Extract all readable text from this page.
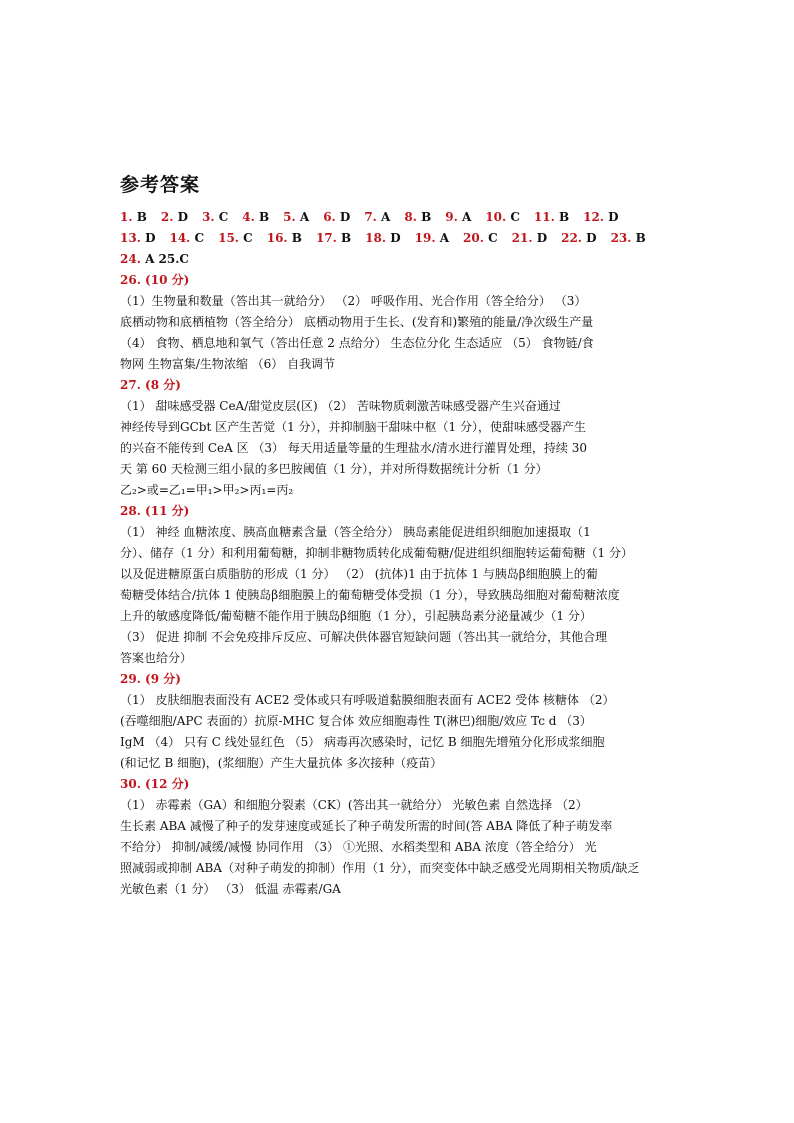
参考答案
1. B 2. D 3. C 4. B 5. A 6. D 7. A 8. B 9. A 10. C 11. B 12. D
13. D 14. C 15. C 16. B 17. B 18. D 19. A 20. C 21. D 22. D 23. B
24. A 25.C
26. (10 分)
（1）生物量和数量（答出其一就给分） （2） 呼吸作用、光合作用（答全给分） （3）
底栖动物和底栖植物（答全给分） 底栖动物用于生长、(发育和)繁殖的能量/净次级生产量
（4） 食物、栖息地和氧气（答出任意 2 点给分） 生态位分化 生态适应 （5） 食物链/食
物网 生物富集/生物浓缩 （6） 自我调节
27. (8 分)
（1） 甜味感受器 CeA/甜觉皮层(区) （2） 苦味物质刺激苦味感受器产生兴奋通过
神经传导到GCbt 区产生苦觉（1 分），并抑制脑干甜味中枢（1 分），使甜味感受器产生
的兴奋不能传到 CeA 区 （3） 每天用适量等量的生理盐水/清水进行灌胃处理，持续 30
天 第 60 天检测三组小鼠的多巴胺阈值（1 分），并对所得数据统计分析（1 分）
乙₂>或=乙₁=甲₁>甲₂>丙₁=丙₂
28. (11 分)
（1） 神经 血糖浓度、胰高血糖素含量（答全给分） 胰岛素能促进组织细胞加速摄取（1
分）、储存（1 分）和利用葡萄糖，抑制非糖物质转化成葡萄糖/促进组织细胞转运葡萄糖（1 分）
以及促进糖原蛋白质脂肪的形成（1 分） （2） (抗体)1 由于抗体 1 与胰岛β细胞膜上的葡
萄糖受体结合/抗体 1 使胰岛β细胞膜上的葡萄糖受体受损（1 分），导致胰岛细胞对葡萄糖浓度
上升的敏感度降低/葡萄糖不能作用于胰岛β细胞（1 分），引起胰岛素分泌量减少（1 分）
（3） 促进 抑制 不会免疫排斥反应、可解决供体器官短缺问题（答出其一就给分，其他合理
答案也给分）
29. (9 分)
（1） 皮肤细胞表面没有 ACE2 受体或只有呼吸道黏膜细胞表面有 ACE2 受体 核糖体 （2）
(吞噬细胞/APC 表面的）抗原-MHC 复合体 效应细胞毒性 T(淋巴)细胞/效应 Tc d （3）
IgM （4） 只有 C 线处显红色 （5） 病毒再次感染时，记忆 B 细胞先增殖分化形成浆细胞
(和记忆 B 细胞)，(浆细胞）产生大量抗体 多次接种（疫苗）
30. (12 分)
（1） 赤霉素（GA）和细胞分裂素（CK）(答出其一就给分） 光敏色素 自然选择 （2）
生长素 ABA 减慢了种子的发芽速度或延长了种子萌发所需的时间(答 ABA 降低了种子萌发率
不给分） 抑制/减缓/减慢 协同作用 （3） ①光照、水稻类型和 ABA 浓度（答全给分） 光
照减弱或抑制 ABA（对种子萌发的抑制）作用（1 分），而突变体中缺乏感受光周期相关物质/缺乏
光敏色素（1 分） （3） 低温 赤霉素/GA
